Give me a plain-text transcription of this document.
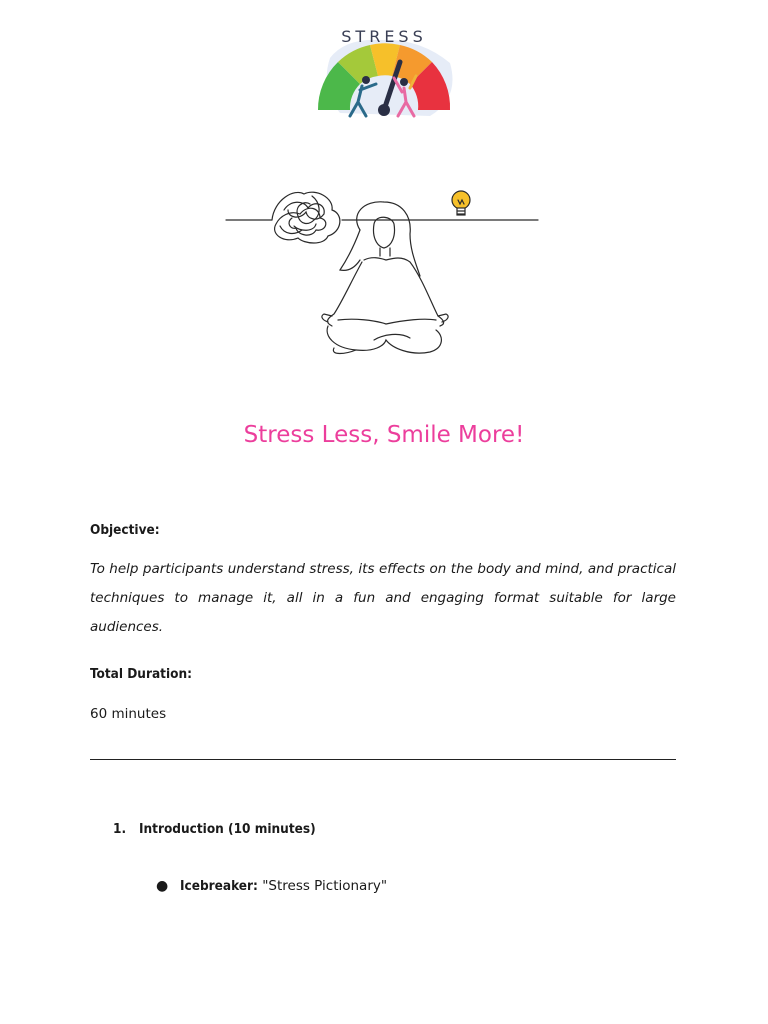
STRESS
Stress Less, Smile More!
Objective:
To help participants understand stress, its effects on the body and mind, and practical techniques to manage it, all in a fun and engaging format suitable for large audiences.
Total Duration:
60 minutes
1. Introduction (10 minutes)
● Icebreaker: "Stress Pictionary"
